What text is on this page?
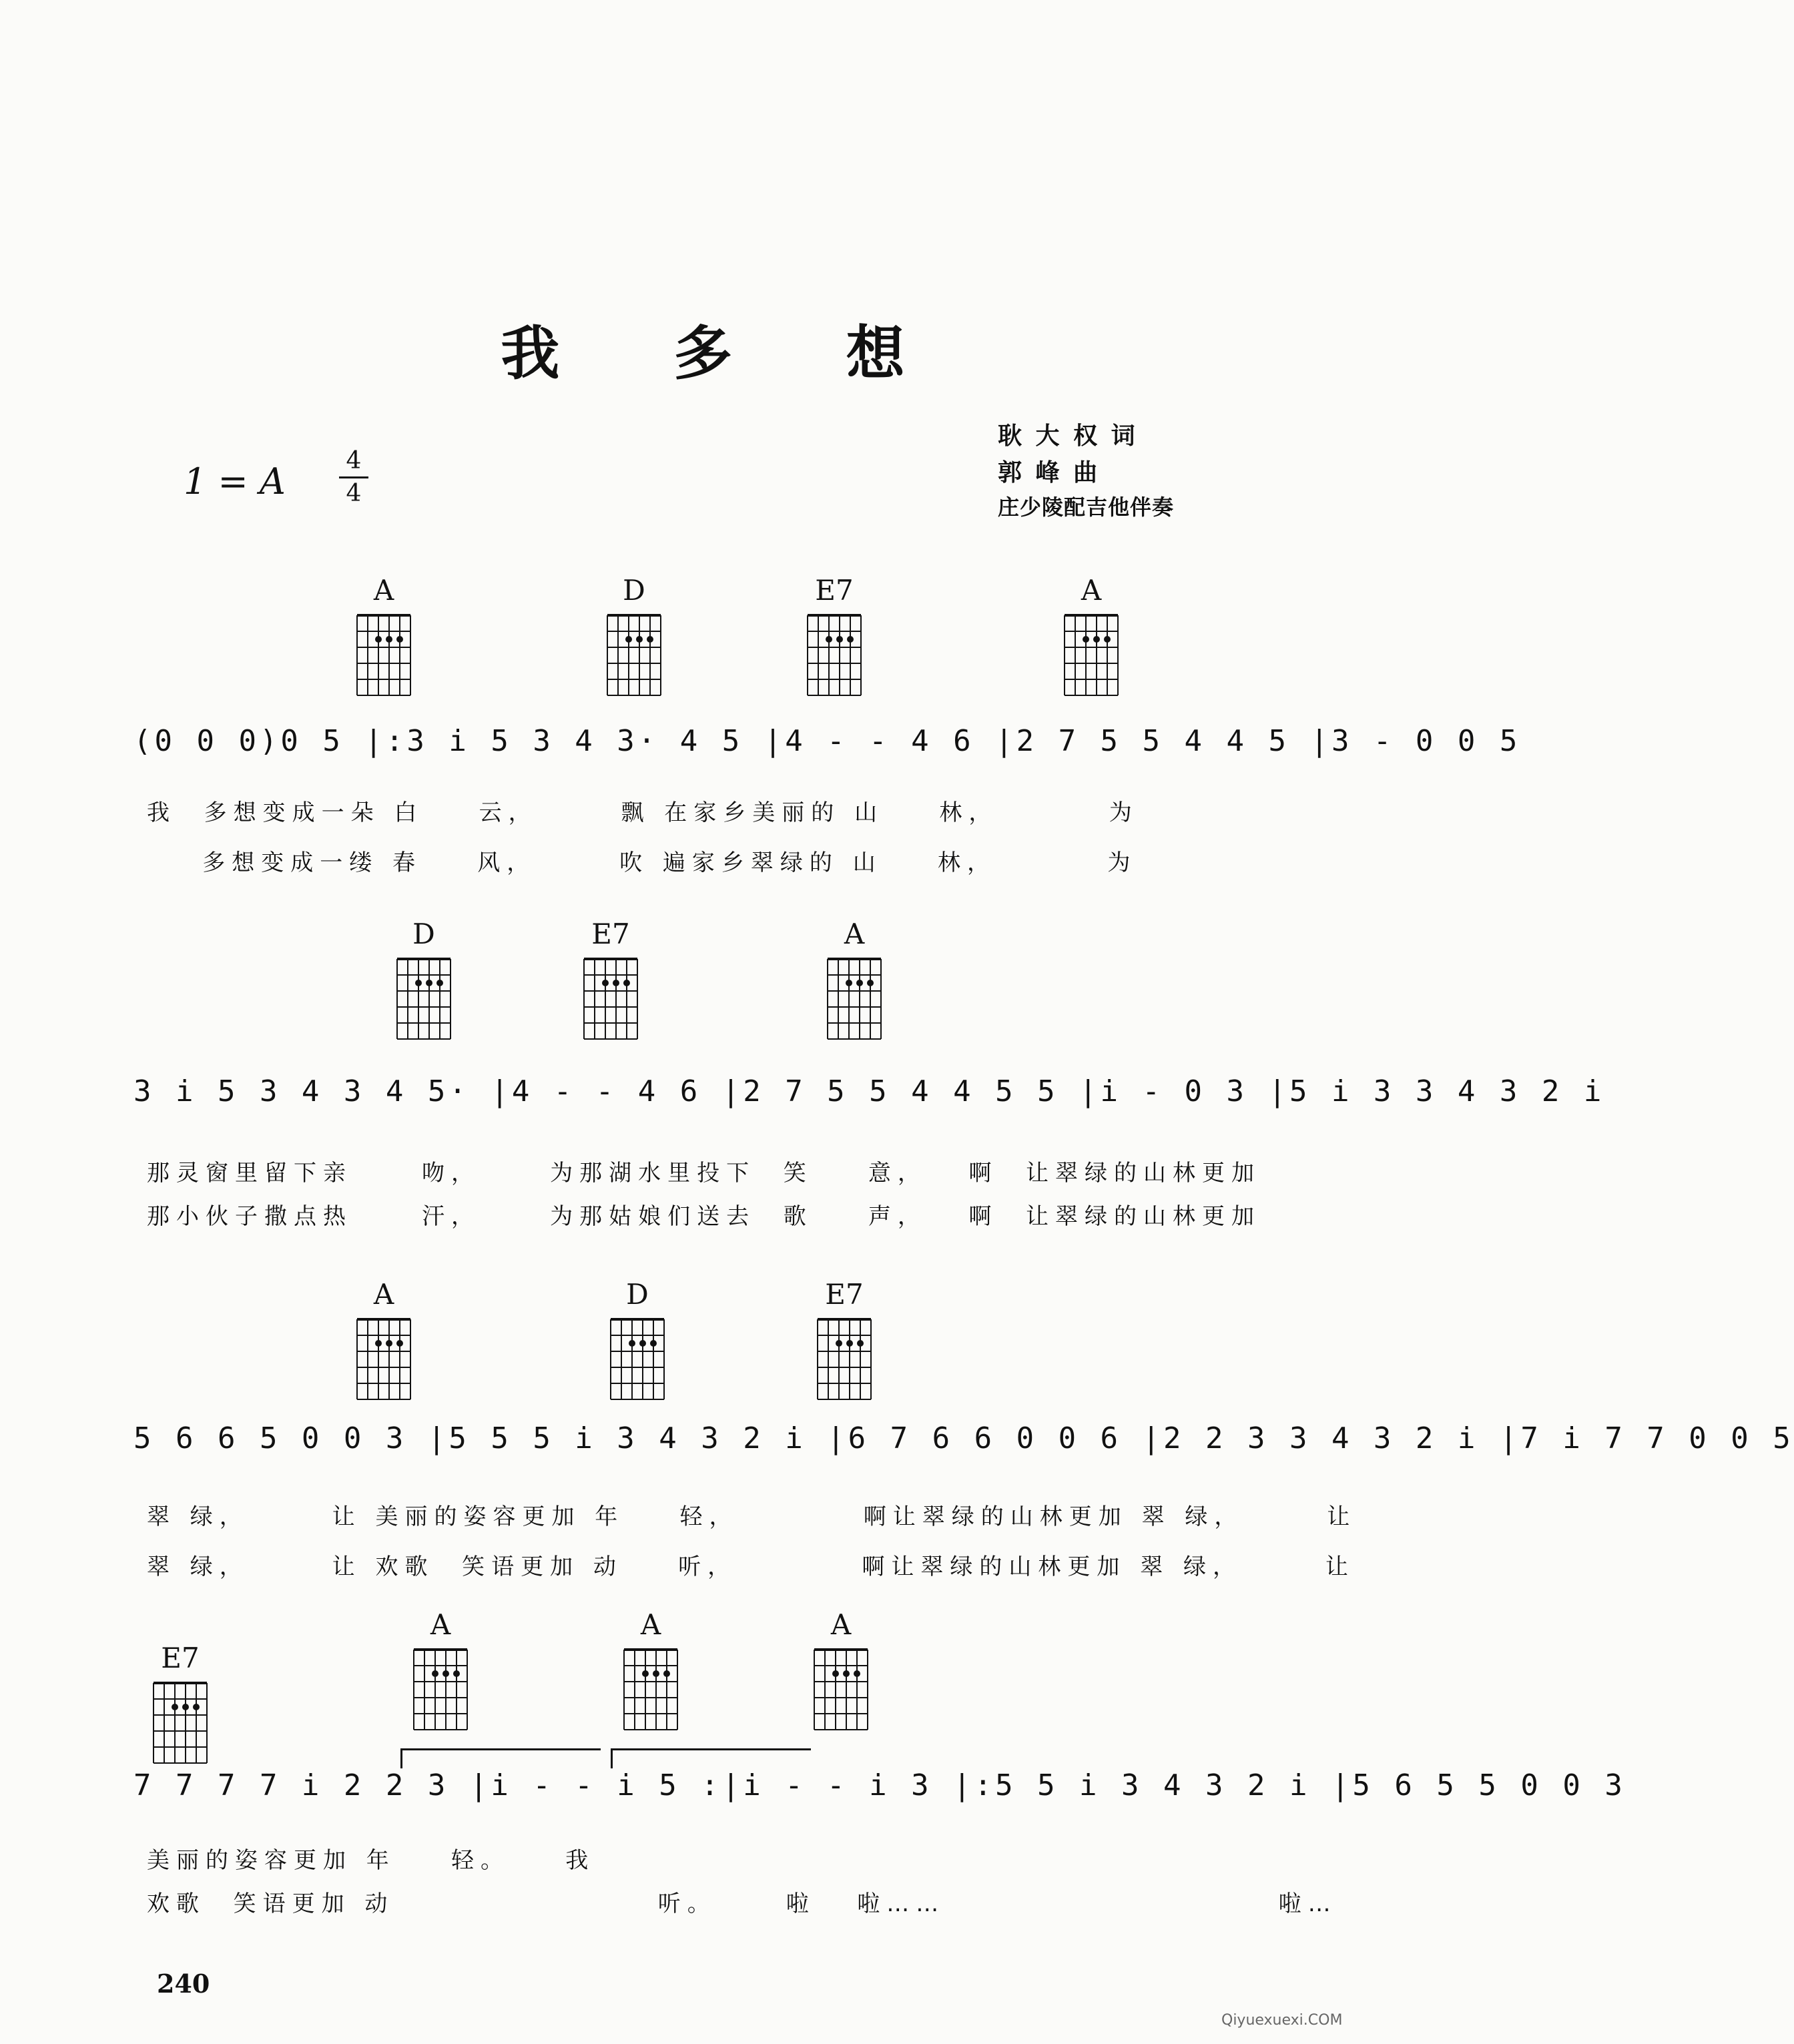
我 多 想
1 = A	4
4
耿 大 权 词
郭 峰 曲
庄少陵配吉他伴奏
A	D	E7	A
(0 0 0)0 5 |:3 i 5 3 4 3· 4 5 |4 - - 4 6 |2 7 5 5 4 4 5 |3 - 0 0 5
我  多想变成一朵 白    云，      飘 在家乡美丽的 山    林，        为
多想变成一缕 春    风，      吹 遍家乡翠绿的 山    林，        为
D	E7	A
3 i 5 3 4 3 4 5· |4 - - 4 6 |2 7 5 5 4 4 5 5 |i - 0 3 |5 i 3 3 4 3 2 i
那灵窗里留下亲     吻，     为那湖水里投下  笑    意，   啊  让翠绿的山林更加
那小伙子撒点热     汗，     为那姑娘们送去  歌    声，   啊  让翠绿的山林更加
A	D	E7
5 6 6 5 0 0 3 |5 5 5 i 3 4 3 2 i |6 7 6 6 0 0 6 |2 2 3 3 4 3 2 i |7 i 7 7 0 0 5
翠 绿，      让 美丽的姿容更加 年    轻，         啊让翠绿的山林更加 翠 绿，      让
翠 绿，      让 欢歌  笑语更加 动    听，         啊让翠绿的山林更加 翠 绿，      让
E7
A	A	A
7 7 7 7 i 2 2 3 |i - - i 5 :|i - - i 3 |:5 5 i 3 4 3 2 i |5 6 5 5 0 0 3
美丽的姿容更加 年    轻。    我
欢歌  笑语更加 动                   听。     啦   啦……                        啦…
240
Qiyuexuexi.COM
